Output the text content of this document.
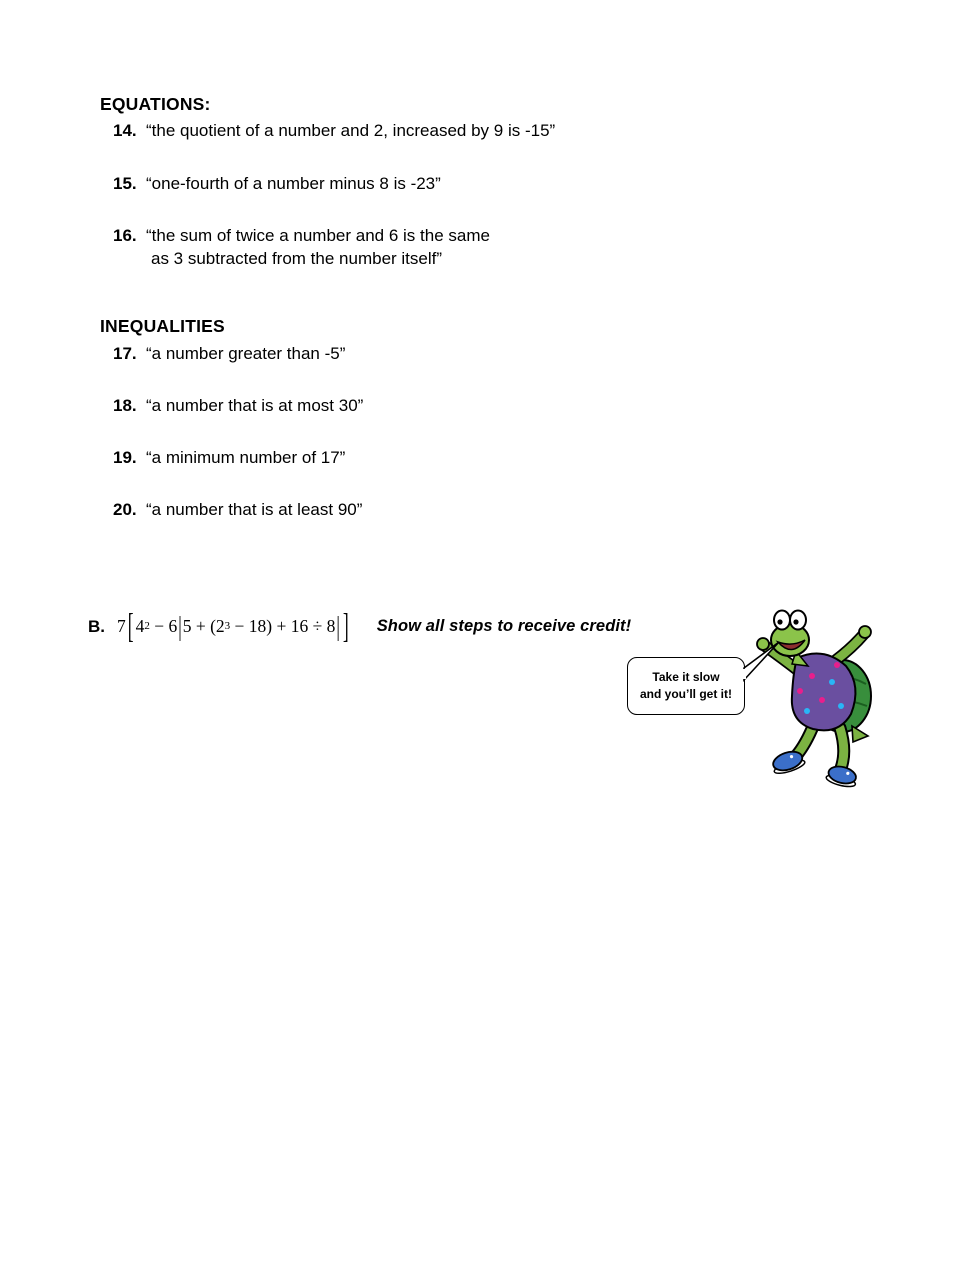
EQUATIONS:
14. “the quotient of a number and 2, increased by 9 is -15”
15. “one-fourth of a number minus 8 is -23”
16. “the sum of twice a number and 6 is the same
as 3 subtracted from the number itself”
INEQUALITIES
17. “a number greater than -5”
18. “a number that is at most 30”
19. “a minimum number of 17”
20. “a number that is at least 90”
B. 7 [ $4^2 - 6$ | $5 + (2^3 - 18) + 16 \div 8$ | ] Show all steps to receive credit!
Take it slow
and you’ll get it!
